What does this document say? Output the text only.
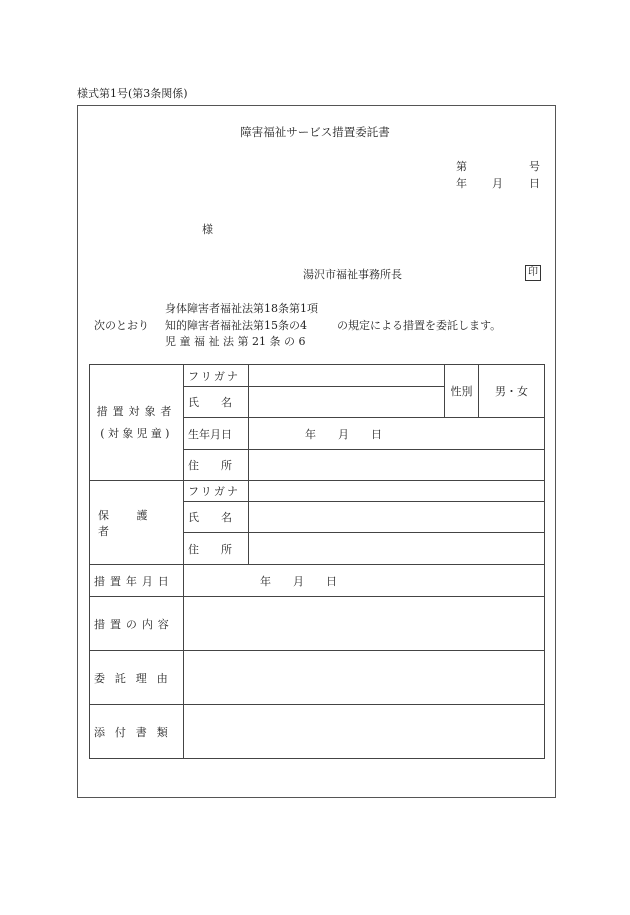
様式第1号(第3条関係)
障害福祉サービス措置委託書
第	号
年 月 日
様
湯沢市福祉事務所長	印
次のとおり
身体障害者福祉法第18条第1項
知的障害者福祉法第15条の4
児 童 福 祉 法 第 21 条 の 6
の規定による措置を委託します。
措置対象者
(対象児童)	フリガナ		性別	男・女
	氏　　名			
	生年月日	年　　月　　日		
	住　　所			
保　護　者	フリガナ			
	氏　　名			
	住　　所			
措置年月日	年　　月　　日			
措置の内容				
委託理由				
添付書類				
